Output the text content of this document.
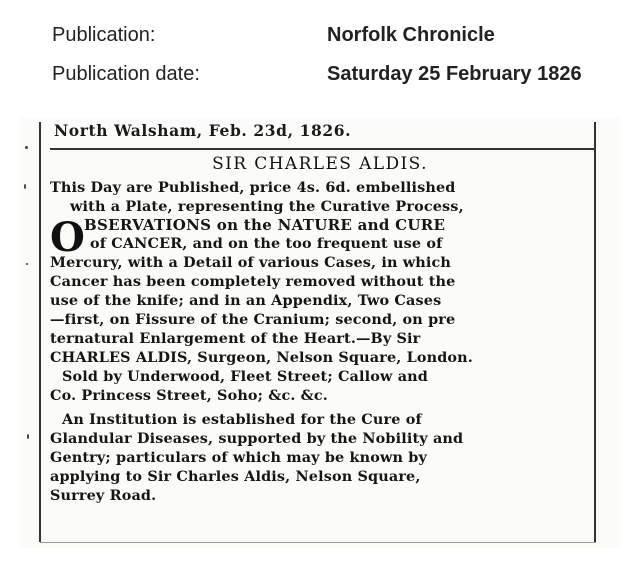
Publication:	Norfolk Chronicle
Publication date:	Saturday 25 February 1826
North Walsham, Feb. 23d, 1826.
SIR CHARLES ALDIS.
O
This Day are Published, price 4s. 6d. embellished
with a Plate, representing the Curative Process,
BSERVATIONS on the NATURE and CURE
of CANCER, and on the too frequent use of
Mercury, with a Detail of various Cases, in which
Cancer has been completely removed without the
use of the knife; and in an Appendix, Two Cases
—first, on Fissure of the Cranium; second, on pre
ternatural Enlargement of the Heart.—By Sir
CHARLES ALDIS, Surgeon, Nelson Square, London.
Sold by Underwood, Fleet Street; Callow and
Co. Princess Street, Soho; &c. &c.
An Institution is established for the Cure of
Glandular Diseases, supported by the Nobility and
Gentry; particulars of which may be known by
applying to Sir Charles Aldis, Nelson Square,
Surrey Road.
